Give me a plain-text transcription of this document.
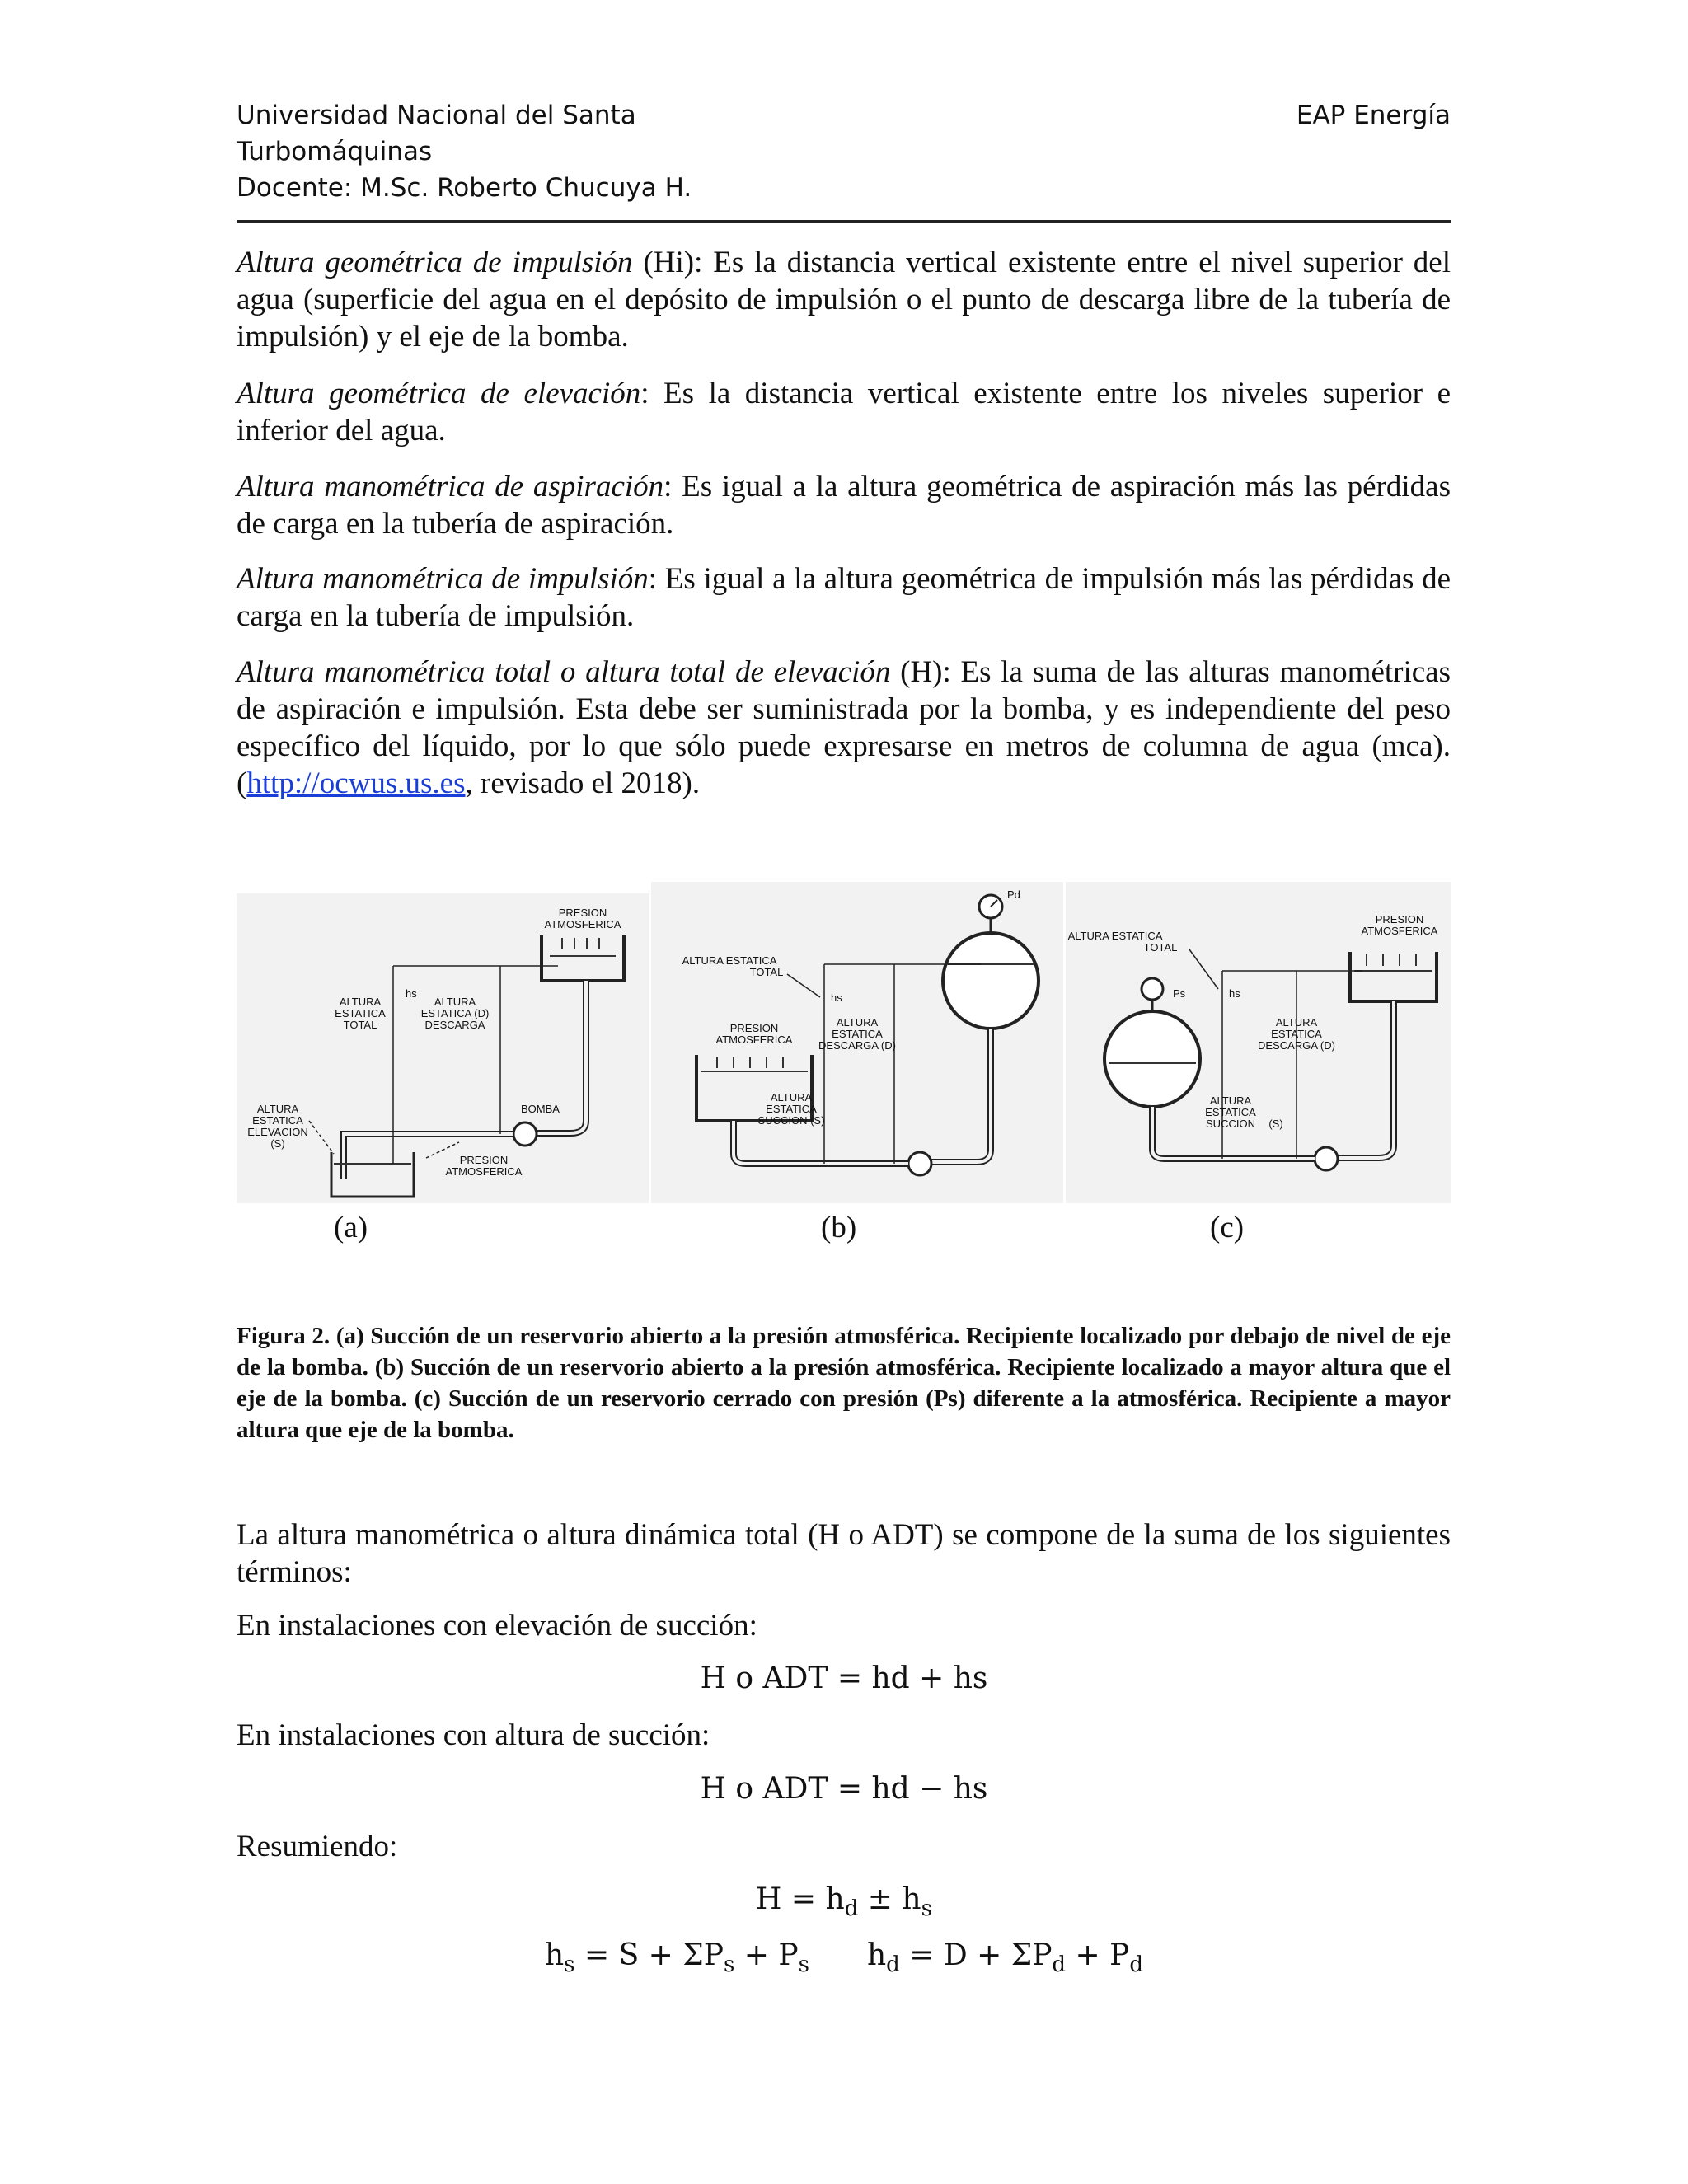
Universidad Nacional del Santa
Turbomáquinas
Docente: M.Sc. Roberto Chucuya H.
EAP Energía

Altura geométrica de impulsión (Hi): Es la distancia vertical existente entre el nivel superior del agua (superficie del agua en el depósito de impulsión o el punto de descarga libre de la tubería de impulsión) y el eje de la bomba.

Altura geométrica de elevación: Es la distancia vertical existente entre los niveles superior e inferior del agua.

Altura manométrica de aspiración: Es igual a la altura geométrica de aspiración más las pérdidas de carga en la tubería de aspiración.

Altura manométrica de impulsión: Es igual a la altura geométrica de impulsión más las pérdidas de carga en la tubería de impulsión.

Altura manométrica total o altura total de elevación (H): Es la suma de las alturas manométricas de aspiración e impulsión. Esta debe ser suministrada por la bomba, y es independiente del peso específico del líquido, por lo que sólo puede expresarse en metros de columna de agua (mca). (http://ocwus.us.es, revisado el 2018).

PRESION
ATMOSFERICA
BOMBA
ALTURA
ESTATICA
TOTAL
hs
ALTURA
ESTATICA (D)
DESCARGA
ALTURA
ESTATICA
ELEVACION
(S)
PRESION
ATMOSFERICA
Pd
PRESION
ATMOSFERICA
ALTURA ESTATICA
TOTAL
hs
ALTURA
ESTATICA
DESCARGA (D)
ALTURA
ESTATICA
SUCCION (S)
PRESION
ATMOSFERICA
Ps
ALTURA ESTATICA
TOTAL
hs
ALTURA
ESTATICA
DESCARGA (D)
ALTURA
ESTATICA
SUCCION (S)
(a)	(b)	(c)

Figura 2. (a) Succión de un reservorio abierto a la presión atmosférica. Recipiente localizado por debajo de nivel de eje de la bomba. (b) Succión de un reservorio abierto a la presión atmosférica. Recipiente localizado a mayor altura que el eje de la bomba. (c) Succión de un reservorio cerrado con presión (Ps) diferente a la atmosférica. Recipiente a mayor altura que eje de la bomba.

La altura manométrica o altura dinámica total (H o ADT) se compone de la suma de los siguientes términos:

En instalaciones con elevación de succión:

H o ADT = hd + hs

En instalaciones con altura de succión:

H o ADT = hd − hs

Resumiendo:

$H = h_d \pm h_s$
$h_s = S + \Sigma P_s + P_s$ $h_d = D + \Sigma P_d + P_d$
